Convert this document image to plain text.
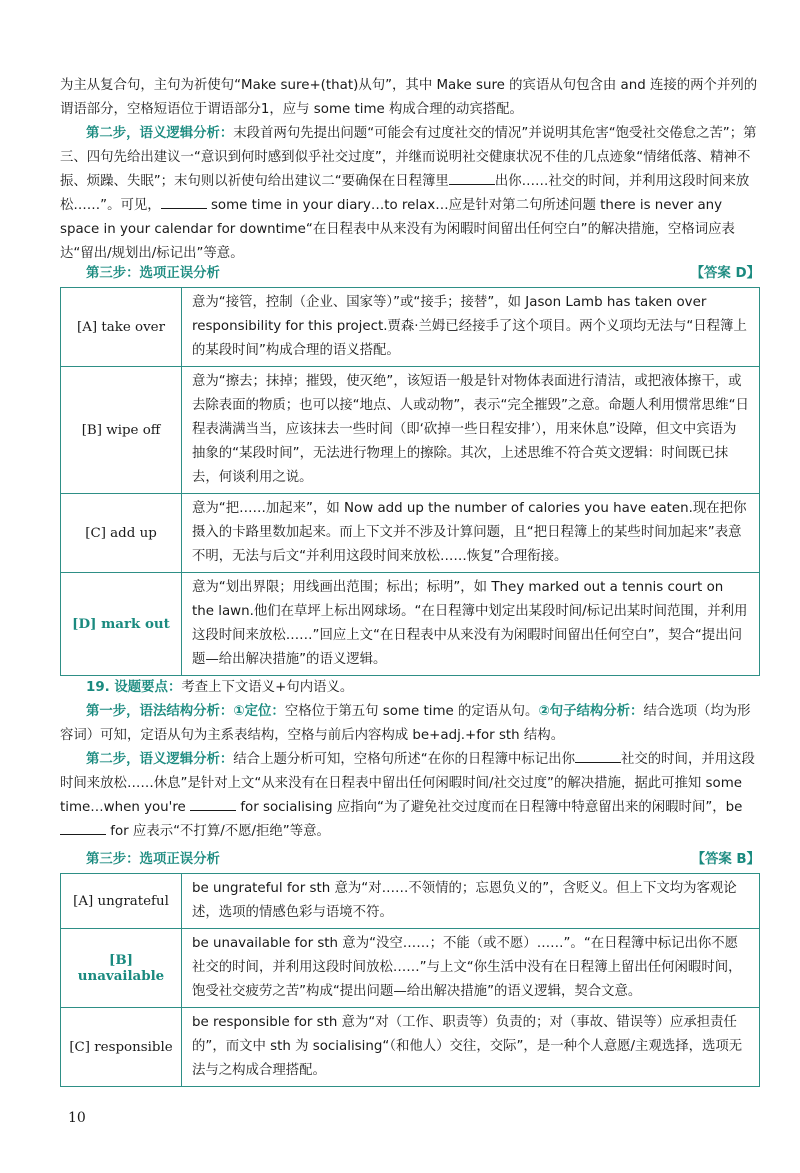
为主从复合句，主句为祈使句“Make sure+(that)从句”，其中 Make sure 的宾语从句包含由 and 连接的两个并列的谓语部分，空格短语位于谓语部分1，应与 some time 构成合理的动宾搭配。
第二步，语义逻辑分析：末段首两句先提出问题“可能会有过度社交的情况”并说明其危害“饱受社交倦怠之苦”；第三、四句先给出建议一“意识到何时感到似乎社交过度”，并继而说明社交健康状况不佳的几点迹象“情绪低落、精神不振、烦躁、失眠”；末句则以祈使句给出建议二“要确保在日程簿里	出你……社交的时间，并利用这段时间来放松……”。可见，	some time in your diary…to relax…应是针对第二句所述问题 there is never any space in your calendar for downtime“在日程表中从来没有为闲暇时间留出任何空白”的解决措施，空格词应表达“留出/规划出/标记出”等意。
第三步：选项正误分析	【答案 D】
[A] take over	意为“接管，控制（企业、国家等）”或“接手；接替”，如 Jason Lamb has taken over responsibility for this project.贾森·兰姆已经接手了这个项目。两个义项均无法与“日程簿上的某段时间”构成合理的语义搭配。
[B] wipe off	意为“擦去；抹掉；摧毁，使灭绝”，该短语一般是针对物体表面进行清洁，或把液体擦干，或去除表面的物质；也可以接“地点、人或动物”，表示“完全摧毁”之意。命题人利用惯常思维“日程表满满当当，应该抹去一些时间（即‘砍掉一些日程安排’），用来休息”设障，但文中宾语为抽象的“某段时间”，无法进行物理上的擦除。其次，上述思维不符合英文逻辑：时间既已抹去，何谈利用之说。
[C] add up	意为“把……加起来”，如 Now add up the number of calories you have eaten.现在把你摄入的卡路里数加起来。而上下文并不涉及计算问题，且“把日程簿上的某些时间加起来”表意不明，无法与后文“并利用这段时间来放松……恢复”合理衔接。
[D] mark out	意为“划出界限；用线画出范围；标出；标明”，如 They marked out a tennis court on the lawn.他们在草坪上标出网球场。“在日程簿中划定出某段时间/标记出某时间范围，并利用这段时间来放松……”回应上文“在日程表中从来没有为闲暇时间留出任何空白”，契合“提出问题—给出解决措施”的语义逻辑。
19. 设题要点：考查上下文语义+句内语义。
第一步，语法结构分析：①定位：空格位于第五句 some time 的定语从句。②句子结构分析：结合选项（均为形容词）可知，定语从句为主系表结构，空格与前后内容构成 be+adj.+for sth 结构。
第二步，语义逻辑分析：结合上题分析可知，空格句所述“在你的日程簿中标记出你	社交的时间，并用这段时间来放松……休息”是针对上文“从来没有在日程表中留出任何闲暇时间/社交过度”的解决措施，据此可推知 some time…when you're	for socialising 应指向“为了避免社交过度而在日程簿中特意留出来的闲暇时间”，be  for 应表示“不打算/不愿/拒绝”等意。
第三步：选项正误分析	【答案 B】
[A] ungrateful	be ungrateful for sth 意为“对……不领情的；忘恩负义的”，含贬义。但上下文均为客观论述，选项的情感色彩与语境不符。
[B] unavailable	be unavailable for sth 意为“没空……；不能（或不愿）……”。“在日程簿中标记出你不愿社交的时间，并利用这段时间放松……”与上文“你生活中没有在日程簿上留出任何闲暇时间，饱受社交疲劳之苦”构成“提出问题—给出解决措施”的语义逻辑，契合文意。
[C] responsible	be responsible for sth 意为“对（工作、职责等）负责的；对（事故、错误等）应承担责任的”，而文中 sth 为 socialising“（和他人）交往，交际”，是一种个人意愿/主观选择，选项无法与之构成合理搭配。
10
